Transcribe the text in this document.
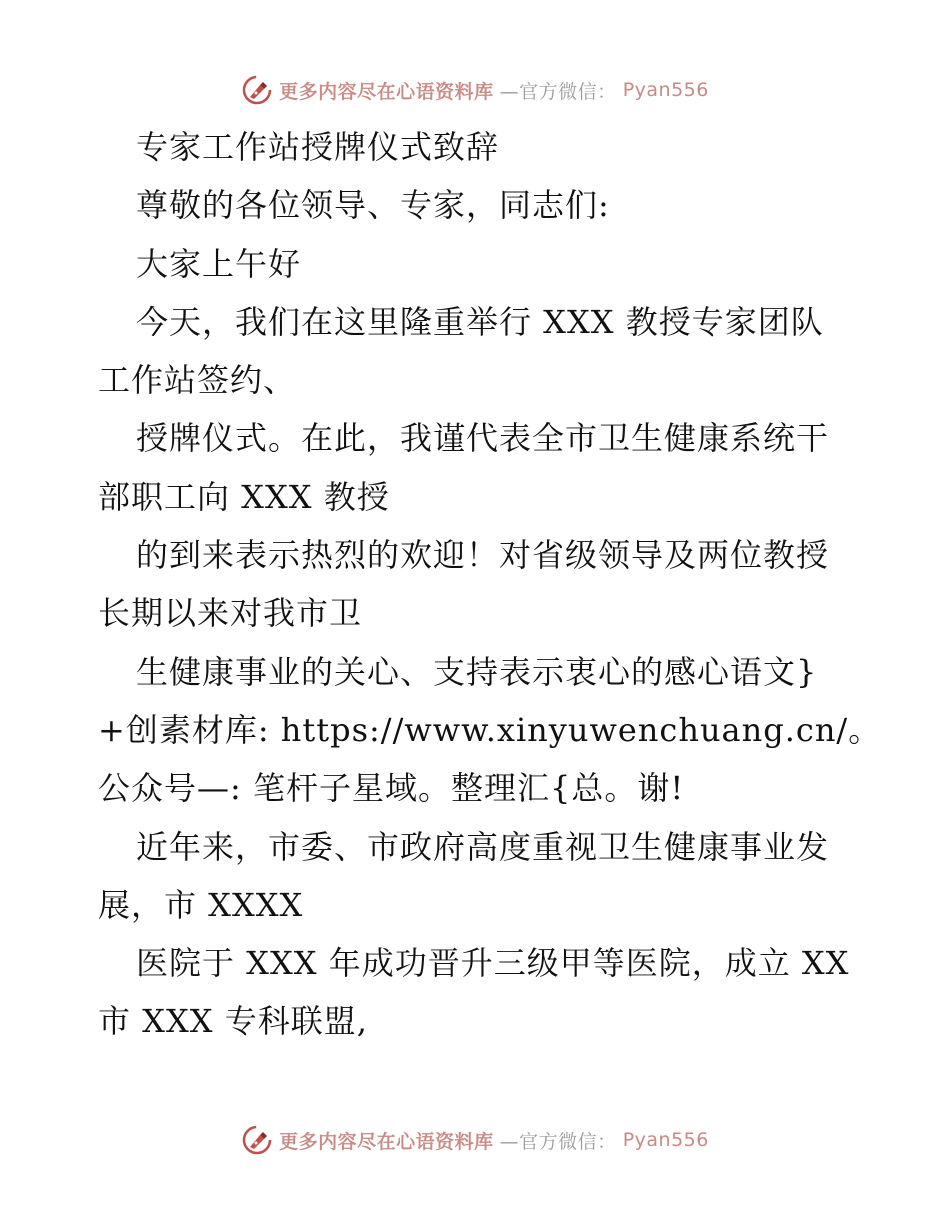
更多内容尽在心语资料库 —官方微信： Pyan556
专家工作站授牌仪式致辞
尊敬的各位领导、专家，同志们:
大家上午好
今天，我们在这里隆重举行 XXX 教授专家团队
工作站签约、
授牌仪式。在此，我谨代表全市卫生健康系统干
部职工向 XXX 教授
的到来表示热烈的欢迎！对省级领导及两位教授
长期以来对我市卫
生健康事业的关心、支持表示衷心的感心语文}
+创素材库: https://www.xinyuwenchuang.cn/。
公众号—: 笔杆子星域。整理汇{总。谢!
近年来，市委、市政府高度重视卫生健康事业发
展，市 XXXX
医院于 XXX 年成功晋升三级甲等医院，成立 XX
市 XXX 专科联盟,
更多内容尽在心语资料库 —官方微信： Pyan556
